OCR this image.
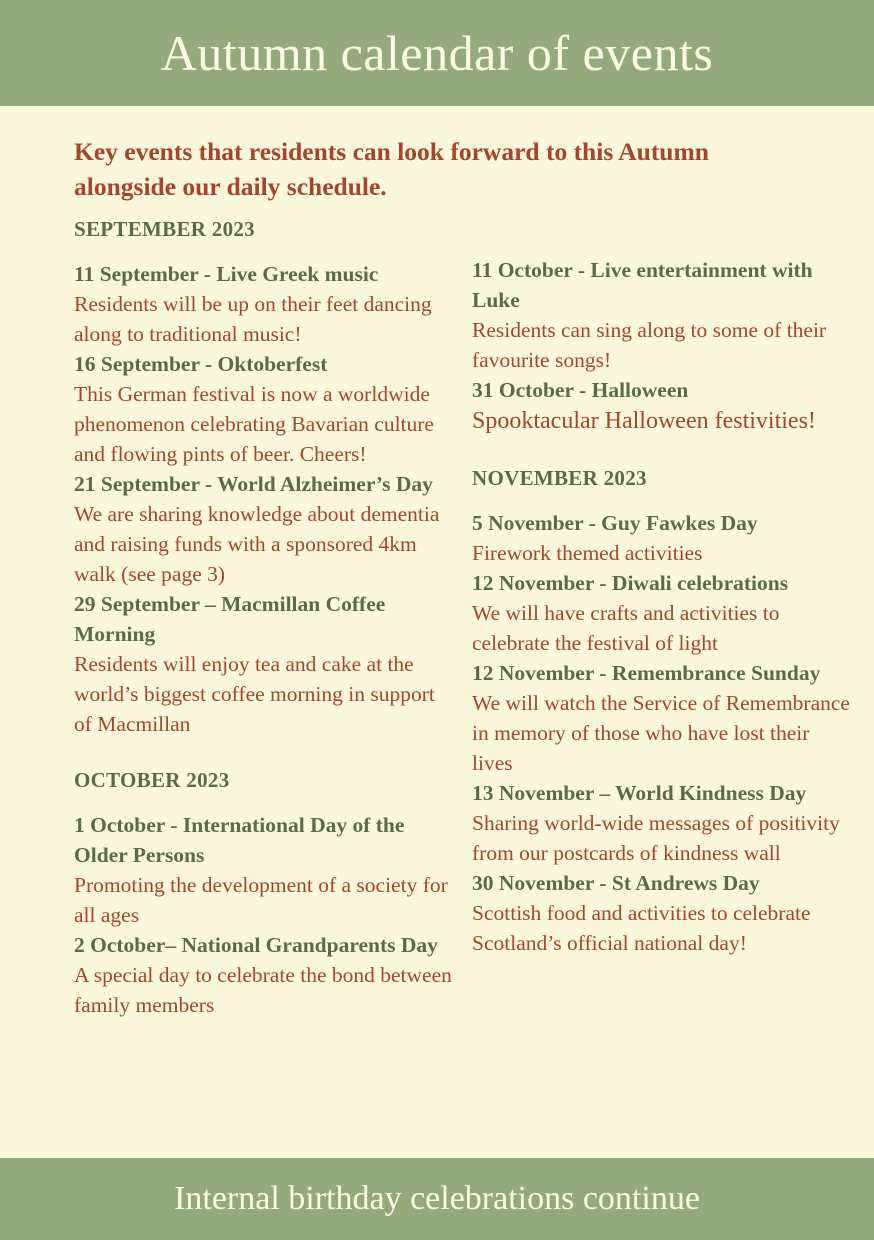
Autumn calendar of events
Key events that residents can look forward to this Autumn alongside our daily schedule.
SEPTEMBER 2023
11 September - Live Greek music
Residents will be up on their feet dancing along to traditional music!
16 September - Oktoberfest
This German festival is now a worldwide phenomenon celebrating Bavarian culture and flowing pints of beer. Cheers!
21 September - World Alzheimer’s Day
We are sharing knowledge about dementia and raising funds with a sponsored 4km walk (see page 3)
29 September – Macmillan Coffee Morning
Residents will enjoy tea and cake at the world’s biggest coffee morning in support of Macmillan
OCTOBER 2023
1 October - International Day of the Older Persons
Promoting the development of a society for all ages
2 October– National Grandparents Day
A special day to celebrate the bond between family members
11 October - Live entertainment with Luke
Residents can sing along to some of their favourite songs!
31 October - Halloween
Spooktacular Halloween festivities!
NOVEMBER 2023
5 November - Guy Fawkes Day
Firework themed activities
12 November - Diwali celebrations
We will have crafts and activities to celebrate the festival of light
12 November - Remembrance Sunday
We will watch the Service of Remembrance in memory of those who have lost their lives
13 November – World Kindness Day
Sharing world-wide messages of positivity from our postcards of kindness wall
30 November - St Andrews Day
Scottish food and activities to celebrate Scotland’s official national day!
Internal birthday celebrations continue
